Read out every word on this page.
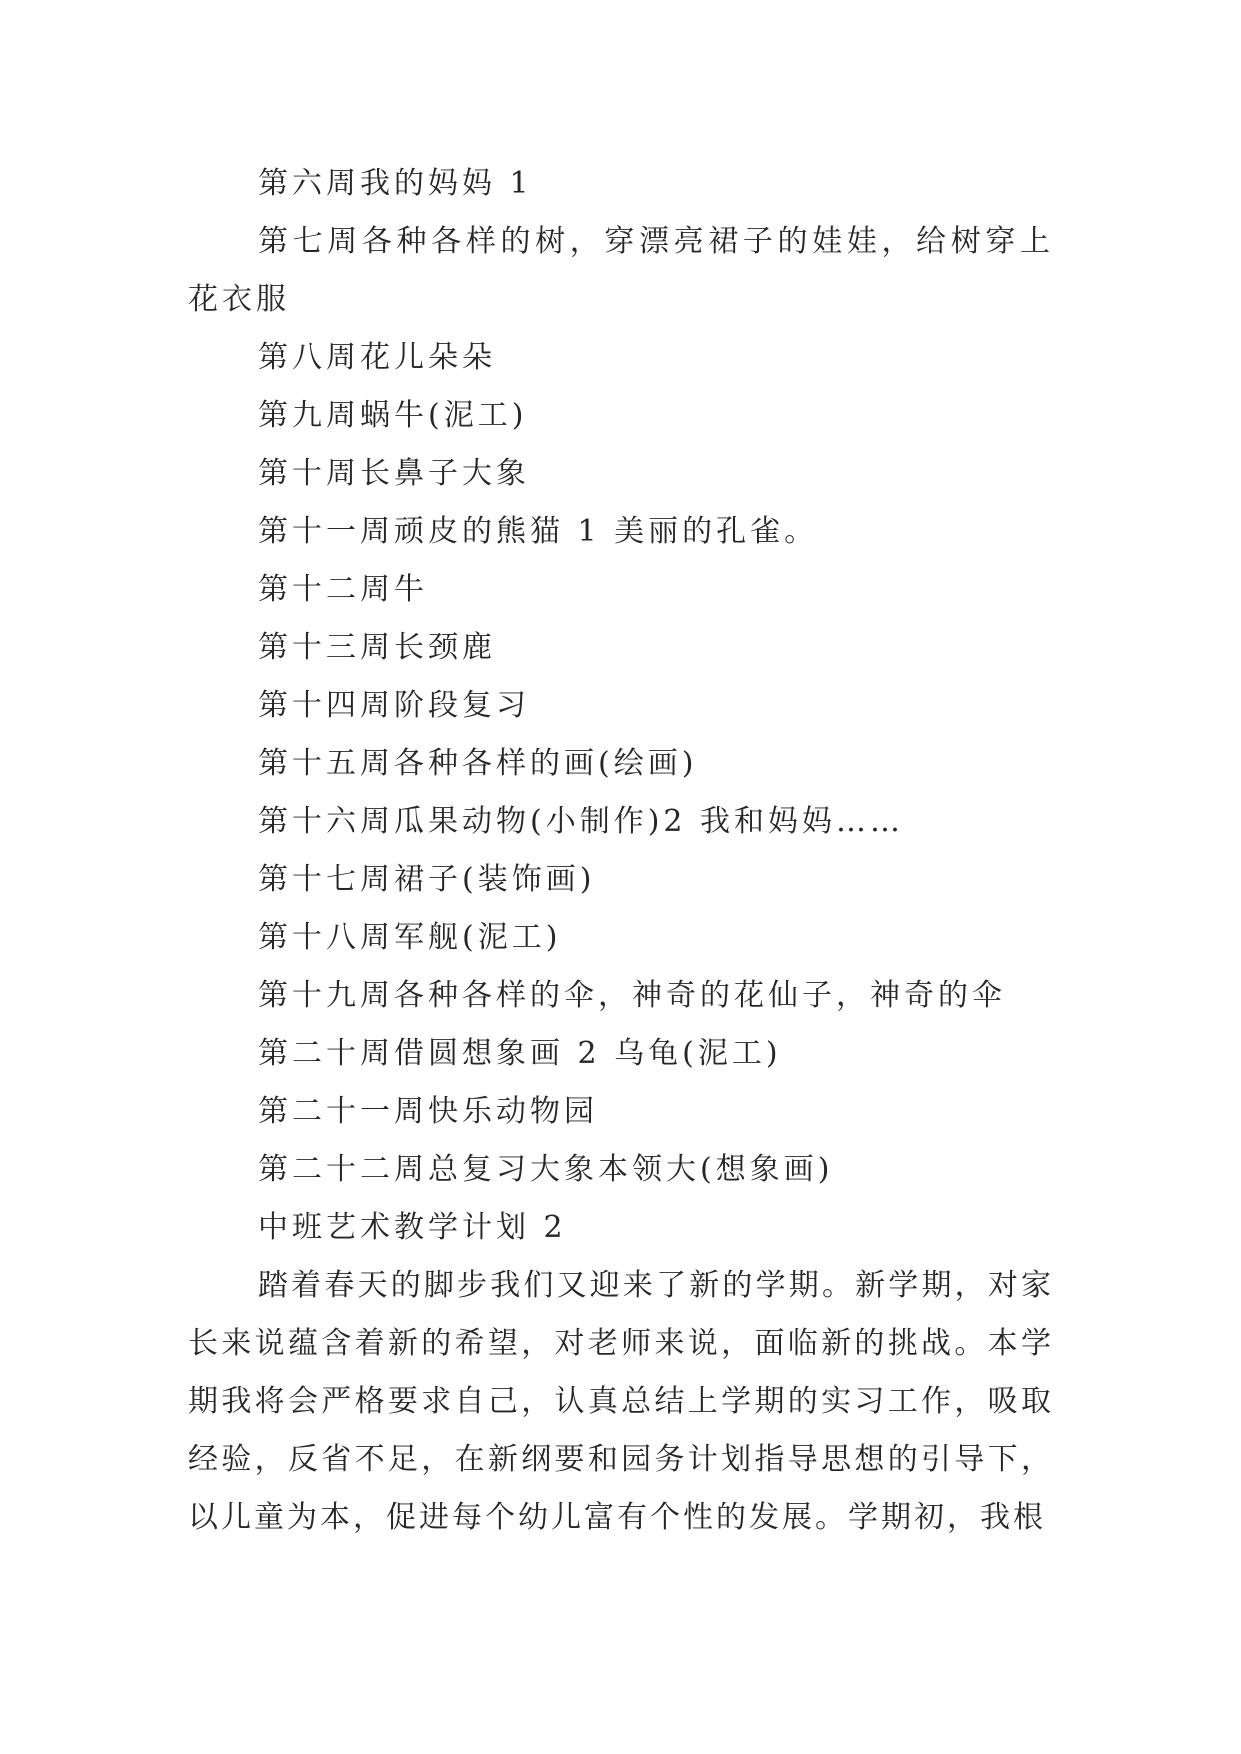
第六周我的妈妈 1

第七周各种各样的树，穿漂亮裙子的娃娃，给树穿上花衣服

第八周花儿朵朵

第九周蜗牛(泥工)

第十周长鼻子大象

第十一周顽皮的熊猫 1 美丽的孔雀。

第十二周牛

第十三周长颈鹿

第十四周阶段复习

第十五周各种各样的画(绘画)

第十六周瓜果动物(小制作)2 我和妈妈……

第十七周裙子(装饰画)

第十八周军舰(泥工)

第十九周各种各样的伞，神奇的花仙子，神奇的伞

第二十周借圆想象画 2 乌龟(泥工)

第二十一周快乐动物园

第二十二周总复习大象本领大(想象画)

中班艺术教学计划 2

踏着春天的脚步我们又迎来了新的学期。新学期，对家长来说蕴含着新的希望，对老师来说，面临新的挑战。本学期我将会严格要求自己，认真总结上学期的实习工作，吸取经验，反省不足，在新纲要和园务计划指导思想的引导下，以儿童为本，促进每个幼儿富有个性的发展。学期初，我根
